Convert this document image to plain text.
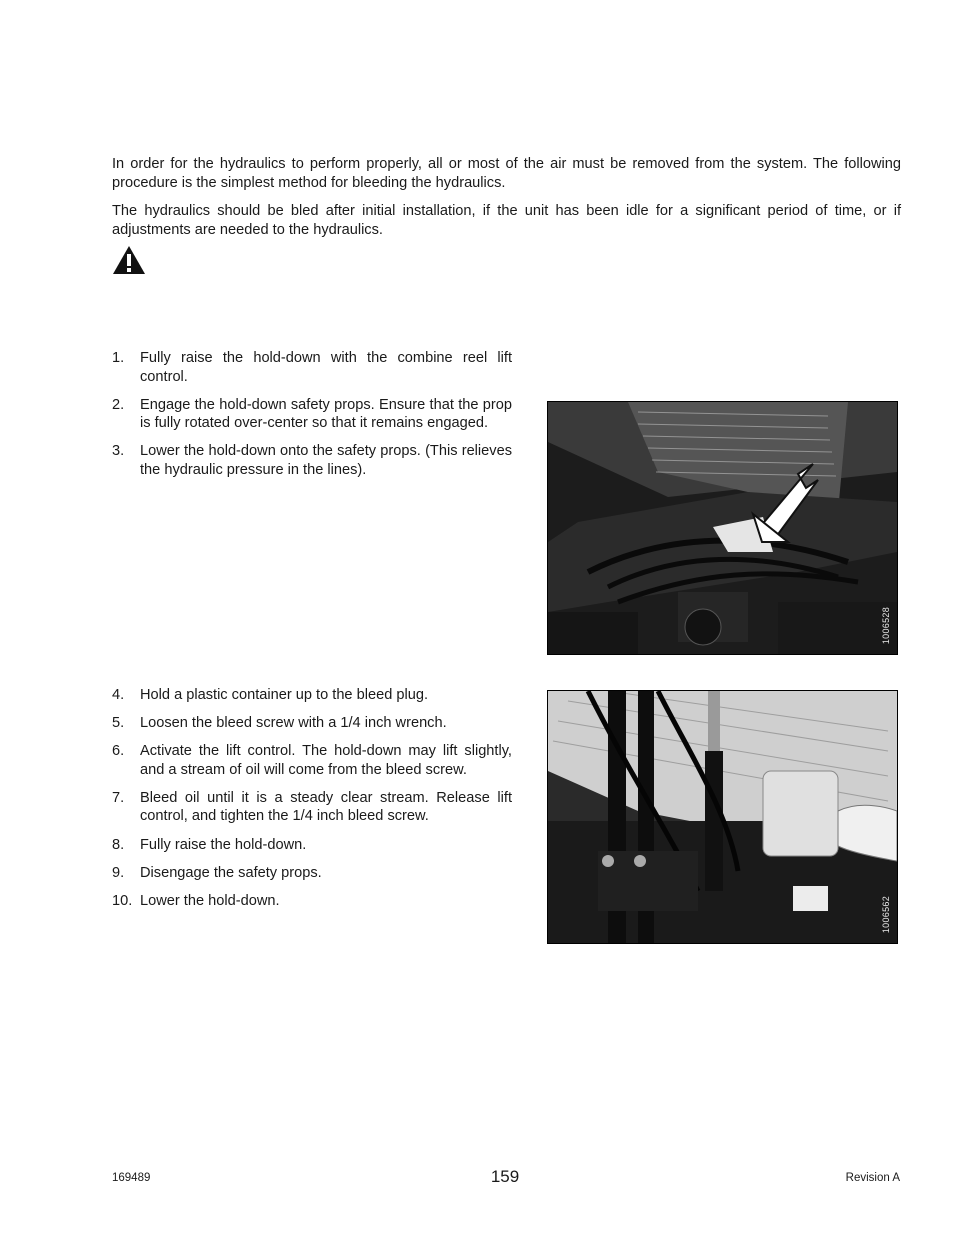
In order for the hydraulics to perform properly, all or most of the air must be removed from the system. The following procedure is the simplest method for bleeding the hydraulics.

The hydraulics should be bled after initial installation, if the unit has been idle for a significant period of time, or if adjustments are needed to the hydraulics.

1. Fully raise the hold-down with the combine reel lift control.
2. Engage the hold-down safety props. Ensure that the prop is fully rotated over-center so that it remains engaged.
3. Lower the hold-down onto the safety props. (This relieves the hydraulic pressure in the lines).
1006528
4. Hold a plastic container up to the bleed plug.
5. Loosen the bleed screw with a 1/4 inch wrench.
6. Activate the lift control. The hold-down may lift slightly, and a stream of oil will come from the bleed screw.
7. Bleed oil until it is a steady clear stream. Release lift control, and tighten the 1/4 inch bleed screw.
8. Fully raise the hold-down.
9. Disengage the safety props.
10. Lower the hold-down.	1006562
169489	159	Revision A
